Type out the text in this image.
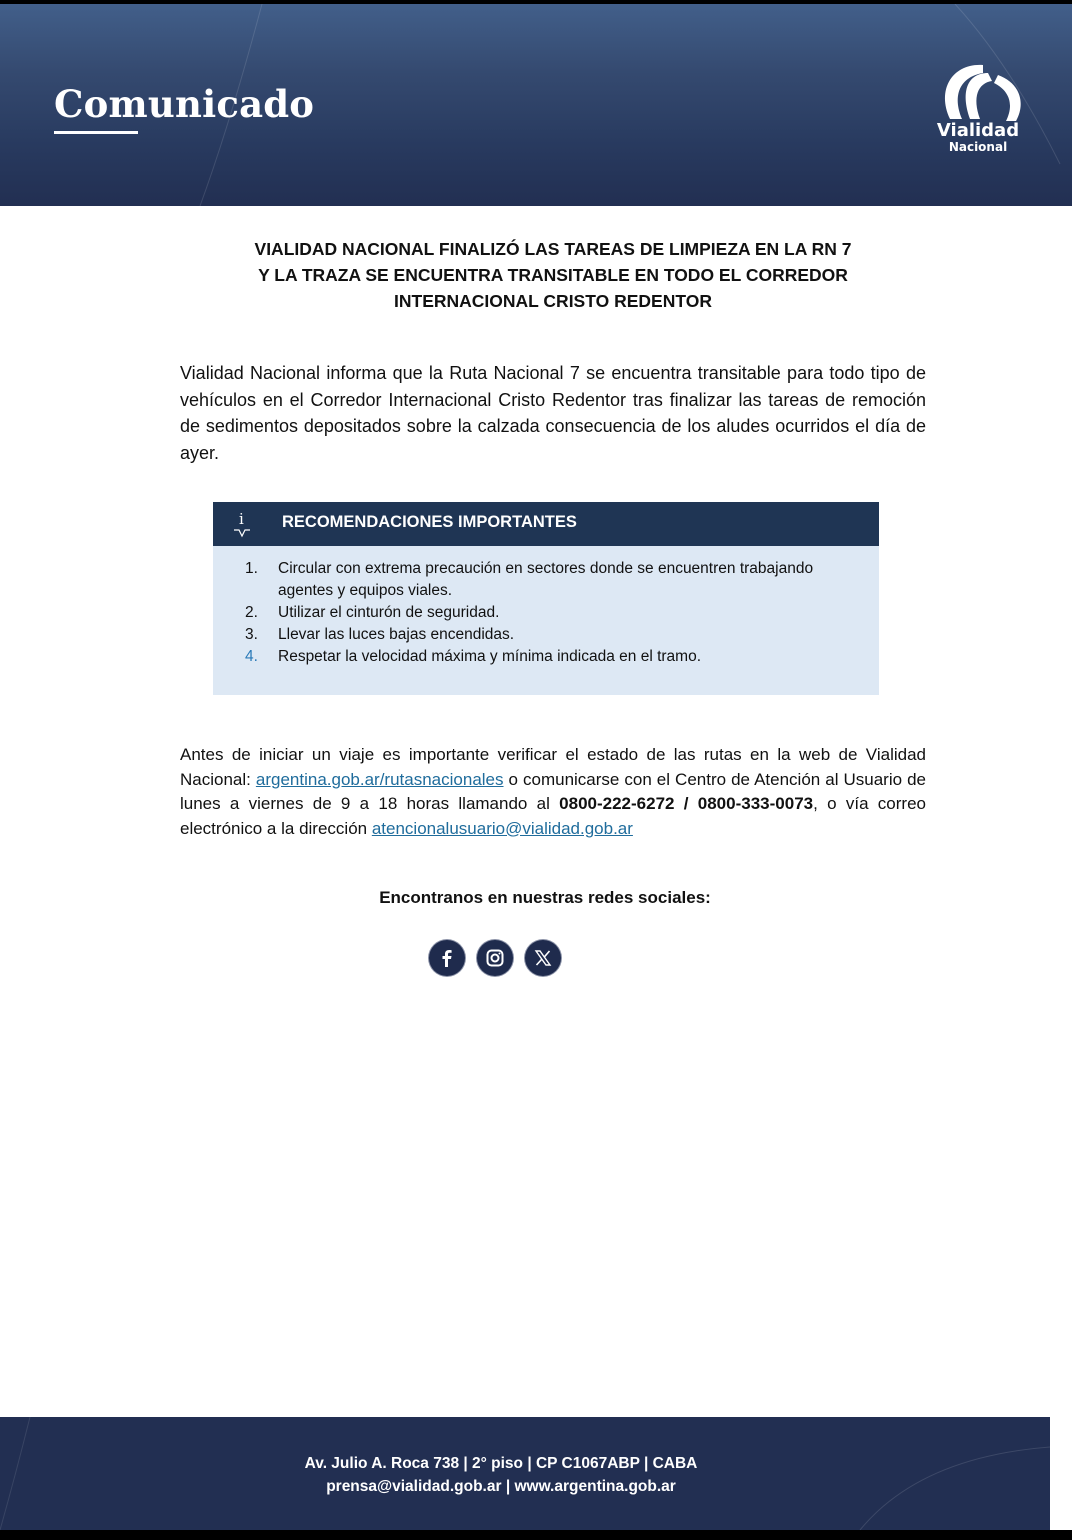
Comunicado
Vialidad
Nacional
VIALIDAD NACIONAL FINALIZÓ LAS TAREAS DE LIMPIEZA EN LA RN 7
Y LA TRAZA SE ENCUENTRA TRANSITABLE EN TODO EL CORREDOR
INTERNACIONAL CRISTO REDENTOR
Vialidad Nacional informa que la Ruta Nacional 7 se encuentra transitable para todo tipo de vehículos en el Corredor Internacional Cristo Redentor tras finalizar las tareas de remoción de sedimentos depositados sobre la calzada consecuencia de los aludes ocurridos el día de ayer.
i RECOMENDACIONES IMPORTANTES
1.	Circular con extrema precaución en sectores donde se encuentren trabajando agentes y equipos viales.
2.	Utilizar el cinturón de seguridad.
3.	Llevar las luces bajas encendidas.
4.	Respetar la velocidad máxima y mínima indicada en el tramo.
Antes de iniciar un viaje es importante verificar el estado de las rutas en la web de Vialidad Nacional: argentina.gob.ar/rutasnacionales o comunicarse con el Centro de Atención al Usuario de lunes a viernes de 9 a 18 horas llamando al 0800-222-6272 / 0800-333-0073, o vía correo electrónico a la dirección atencionalusuario@vialidad.gob.ar
Encontranos en nuestras redes sociales:
Av. Julio A. Roca 738 | 2° piso | CP C1067ABP | CABA
prensa@vialidad.gob.ar | www.argentina.gob.ar
